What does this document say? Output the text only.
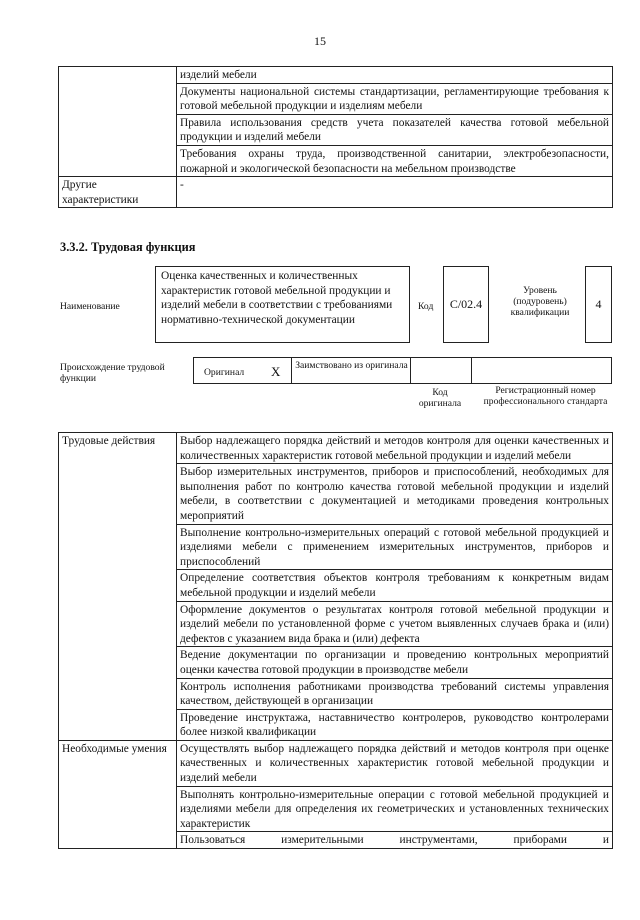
15
	изделий мебели
	Документы национальной системы стандартизации, регламентирующие требования к готовой мебельной продукции и изделиям мебели
	Правила использования средств учета показателей качества готовой мебельной продукции и изделий мебели
	Требования охраны труда, производственной санитарии, электробезопасности, пожарной и экологической безопасности на мебельном производстве
Другие характеристики	-
3.3.2. Трудовая функция
Наименование
Оценка качественных и количественных характеристик готовой мебельной продукции и изделий мебели в соответствии с требованиями нормативно-технической документации
Код C/02.4
Уровень (подуровень) квалификации
4
Происхождение трудовой функции
Оригинал X Заимствовано из оригинала
Код оригинала
Регистрационный номер профессионального стандарта
Трудовые действия	Выбор надлежащего порядка действий и методов контроля для оценки качественных и количественных характеристик готовой мебельной продукции и изделий мебели
	Выбор измерительных инструментов, приборов и приспособлений, необходимых для выполнения работ по контролю качества готовой мебельной продукции и изделий мебели, в соответствии с документацией и методиками проведения контрольных мероприятий
	Выполнение контрольно-измерительных операций с готовой мебельной продукцией и изделиями мебели с применением измерительных инструментов, приборов и приспособлений
	Определение соответствия объектов контроля требованиям к конкретным видам мебельной продукции и изделий мебели
	Оформление документов о результатах контроля готовой мебельной продукции и изделий мебели по установленной форме с учетом выявленных случаев брака и (или) дефектов с указанием вида брака и (или) дефекта
	Ведение документации по организации и проведению контрольных мероприятий оценки качества готовой продукции в производстве мебели
	Контроль исполнения работниками производства требований системы управления качеством, действующей в организации
	Проведение инструктажа, наставничество контролеров, руководство контролерами более низкой квалификации
Необходимые умения	Осуществлять выбор надлежащего порядка действий и методов контроля при оценке качественных и количественных характеристик готовой мебельной продукции и изделий мебели
	Выполнять контрольно-измерительные операции с готовой мебельной продукцией и изделиями мебели для определения их геометрических и установленных технических характеристик
	Пользоваться измерительными инструментами, приборами и
